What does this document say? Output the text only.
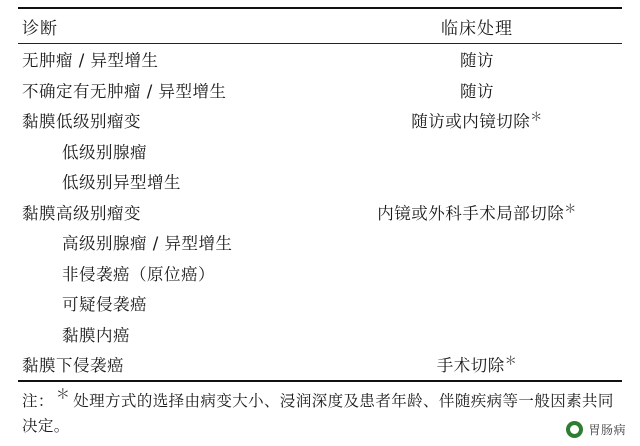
诊断	临床处理
无肿瘤 / 异型增生	随访
不确定有无肿瘤 / 异型增生	随访
黏膜低级别瘤变	随访或内镜切除＊
低级别腺瘤	
低级别异型增生	
黏膜高级别瘤变	内镜或外科手术局部切除＊
高级别腺瘤 / 异型增生	
非侵袭癌（原位癌）	
可疑侵袭癌	
黏膜内癌	
黏膜下侵袭癌	手术切除＊
注： ＊ 处理方式的选择由病变大小、浸润深度及患者年龄、伴随疾病等一般因素共同决定。	胃肠病
